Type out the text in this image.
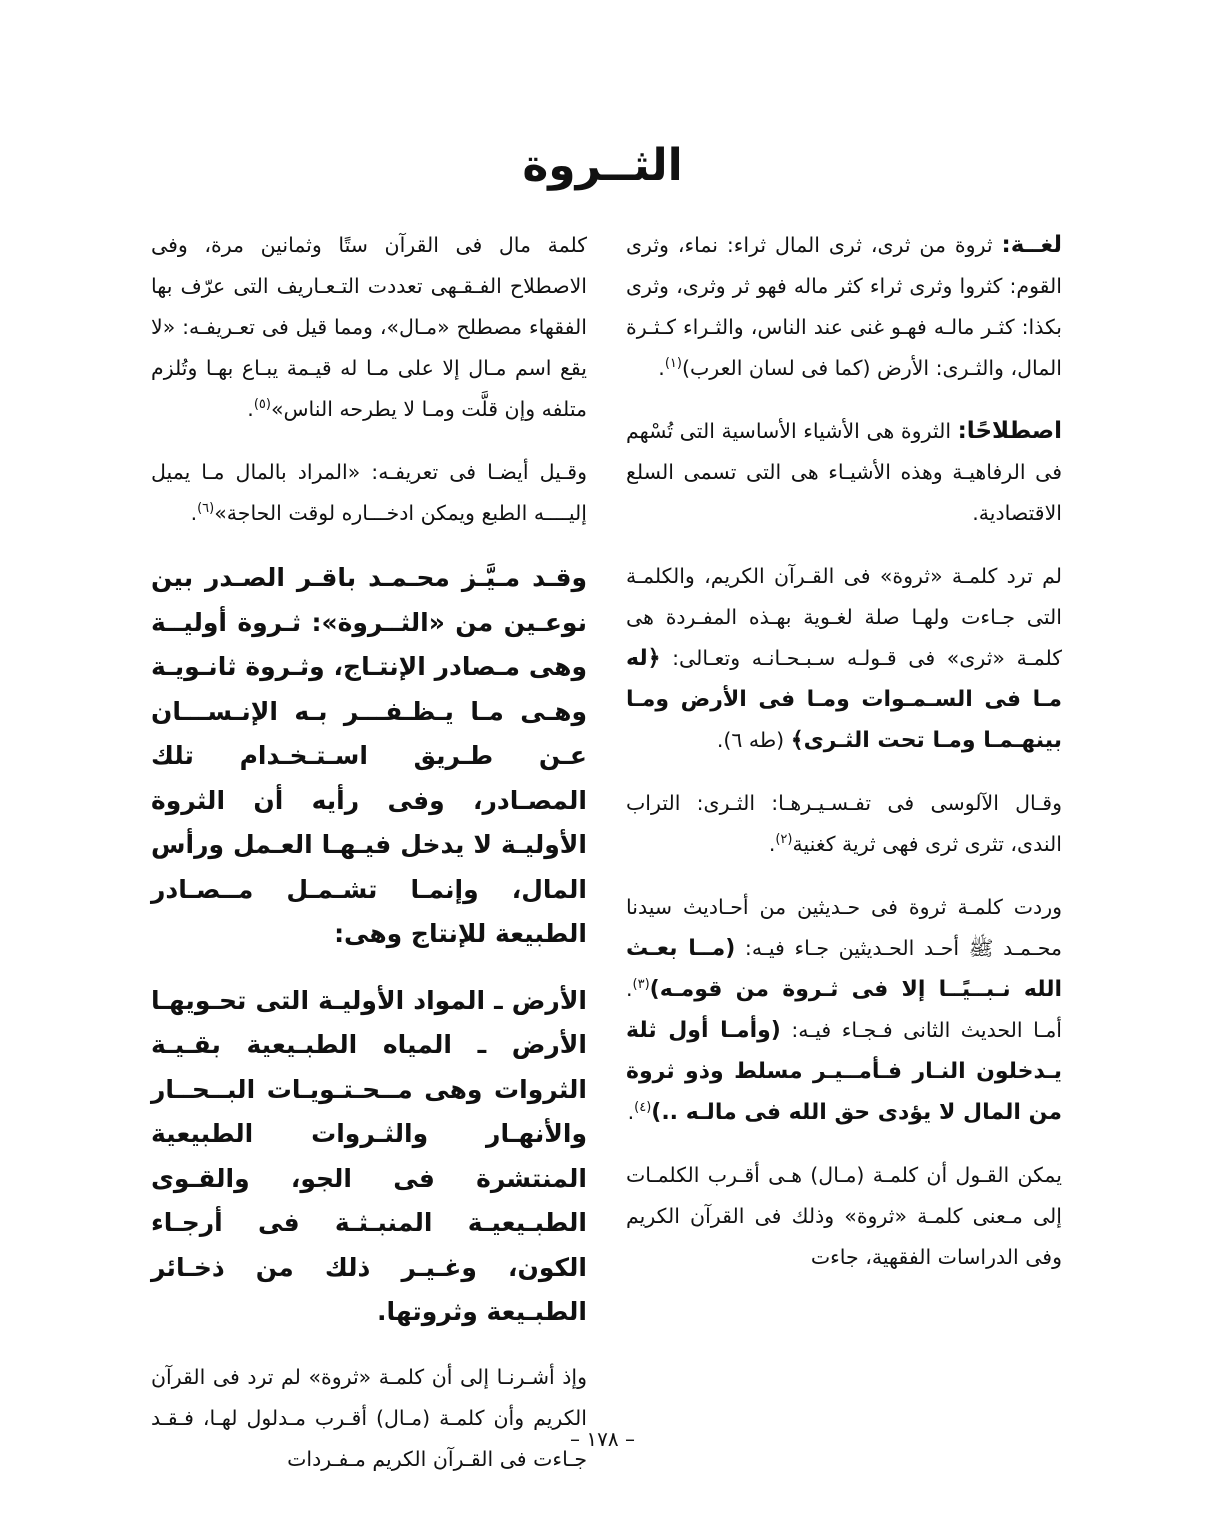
الثــروة

لغــة: ثروة من ثرى، ثرى المال ثراء: نماء، وثرى القوم: كثروا وثرى ثراء كثر ماله فهو ثر وثرى، وثرى بكذا: كثـر مالـه فهـو غنى عند الناس، والثـراء كـثـرة المال، والثـرى: الأرض (كما فى لسان العرب)$^{(١)}$.

اصطلاحًا: الثروة هى الأشياء الأساسية التى تُسْهم فى الرفاهيـة وهذه الأشيـاء هى التى تسمى السلع الاقتصادية.

لم ترد كلمـة «ثروة» فى القـرآن الكريم، والكلمـة التى جـاءت ولهـا صلة لغـوية بهـذه المفـردة هى كلمـة «ثرى» فى قـولـه سـبـحـانـه وتعـالى: ﴿له مـا فى السـمـوات ومـا فى الأرض ومـا بينهـمـا ومـا تحت الثـرى﴾ (طه ٦).

وقـال الآلوسى فى تفـسـيـرهـا: الثـرى: التراب الندى، تثرى ثرى فهى ثرية كغنية$^{(٢)}$.

وردت كلمـة ثروة فى حـديثين من أحـاديث سيدنا محـمـد ﷺ أحـد الحـديثين جـاء فيـه: (مــا بعـث الله نـبــيًــا إلا فى ثـروة من قومـه)$^{(٣)}$. أمـا الحديث الثانى فـجـاء فيـه: (وأمـا أول ثلة يـدخلون النـار فـأمــيـر مسلط وذو ثروة من المال لا يؤدى حق الله فى مالـه ..)$^{(٤)}$.

يمكن القـول أن كلمـة (مـال) هـى أقـرب الكلمـات إلى مـعنى كلمـة «ثروة» وذلك فى القرآن الكريم وفى الدراسات الفقهية، جاءت

كلمة مال فى القرآن ستًا وثمانين مرة، وفى الاصطلاح الفـقـهى تعددت التـعـاريف التى عرّف بها الفقهاء مصطلح «مـال»، ومما قيل فى تعـريفـه: «لا يقع اسم مـال إلا على مـا له قيـمة يبـاع بهـا وتُلزم متلفه وإن قلَّت ومـا لا يطرحه الناس»$^{(٥)}$.

وقـيل أيضـا فى تعريفـه: «المراد بالمال مـا يميل إليــــه الطبع ويمكن ادخـــاره لوقت الحاجة»$^{(٦)}$.

وقـد مـيَّـز محـمـد باقـر الصـدر بين نوعـين من «الثــروة»: ثـروة أوليــة وهى مـصادر الإنتـاج، وثـروة ثانـويـة وهـى مـا يـظـفـــر بـه الإنـســـان عـن طـريق اسـتـخـدام تلك المصـادر، وفى رأيه أن الثروة الأوليـة لا يدخل فيـهـا العـمل ورأس المال، وإنمـا تشـمـل مــصـادر الطبيعة للإنتاج وهى:

الأرض ـ المواد الأوليـة التى تحـويهـا الأرض ـ المياه الطبـيعية بقـيـة الثروات وهى مــحـتـويـات البــحــار والأنهـار والثـروات الطبيعية المنتشرة فى الجو، والقـوى الطبـيعيـة المنبـثـة فى أرجـاء الكون، وغـيـر ذلك من ذخـائر الطبـيعة وثروتها.

وإذ أشـرنـا إلى أن كلمـة «ثروة» لم ترد فى القرآن الكريم وأن كلمـة (مـال) أقـرب مـدلول لهـا، فـقـد جـاءت فى القـرآن الكريم مـفـردات

– ١٧٨ –
